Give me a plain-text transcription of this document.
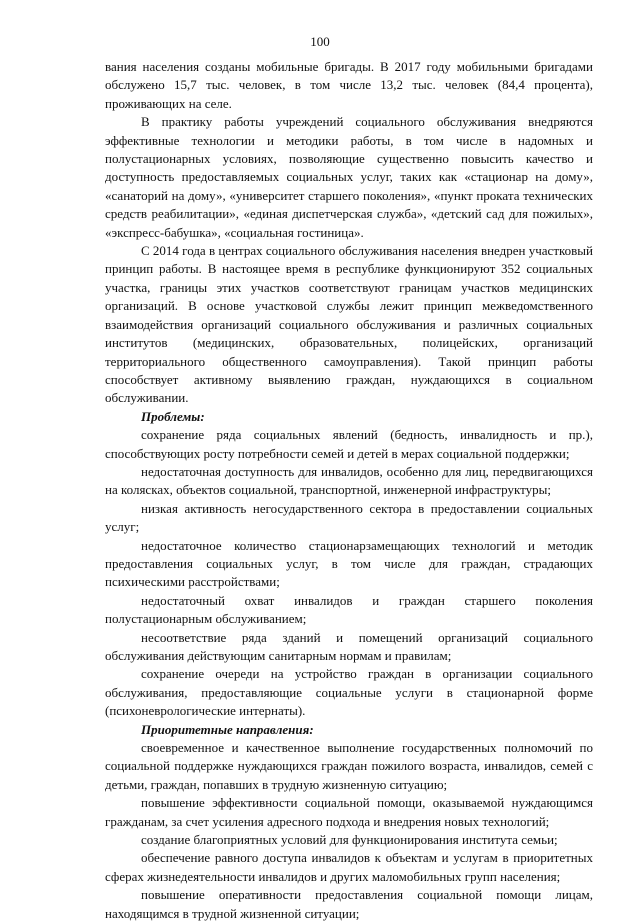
100

вания населения созданы мобильные бригады. В 2017 году мобильными бригадами обслужено 15,7 тыс. человек, в том числе 13,2 тыс. человек (84,4 процента), проживающих на селе.

В практику работы учреждений социального обслуживания внедряются эффективные технологии и методики работы, в том числе в надомных и полустационарных условиях, позволяющие существенно повысить качество и доступность предоставляемых социальных услуг, таких как «стационар на дому», «санаторий на дому», «университет старшего поколения», «пункт проката технических средств реабилитации», «единая диспетчерская служба», «детский сад для пожилых», «экспресс-бабушка», «социальная гостиница».

С 2014 года в центрах социального обслуживания населения внедрен участковый принцип работы. В настоящее время в республике функционируют 352 социальных участка, границы этих участков соответствуют границам участков медицинских организаций. В основе участковой службы лежит принцип межведомственного взаимодействия организаций социального обслуживания и различных социальных институтов (медицинских, образовательных, полицейских, организаций территориального общественного самоуправления). Такой принцип работы способствует активному выявлению граждан, нуждающихся в социальном обслуживании.

Проблемы:

сохранение ряда социальных явлений (бедность, инвалидность и пр.), способствующих росту потребности семей и детей в мерах социальной поддержки;

недостаточная доступность для инвалидов, особенно для лиц, передвигающихся на колясках, объектов социальной, транспортной, инженерной инфраструктуры;

низкая активность негосударственного сектора в предоставлении социальных услуг;

недостаточное количество стационарзамещающих технологий и методик предоставления социальных услуг, в том числе для граждан, страдающих психическими расстройствами;

недостаточный охват инвалидов и граждан старшего поколения полустационарным обслуживанием;

несоответствие ряда зданий и помещений организаций социального обслуживания действующим санитарным нормам и правилам;

сохранение очереди на устройство граждан в организации социального обслуживания, предоставляющие социальные услуги в стационарной форме (психоневрологические интернаты).

Приоритетные направления:

своевременное и качественное выполнение государственных полномочий по социальной поддержке нуждающихся граждан пожилого возраста, инвалидов, семей с детьми, граждан, попавших в трудную жизненную ситуацию;

повышение эффективности социальной помощи, оказываемой нуждающимся гражданам, за счет усиления адресного подхода и внедрения новых технологий;

создание благоприятных условий для функционирования института семьи;

обеспечение равного доступа инвалидов к объектам и услугам в приоритетных сферах жизнедеятельности инвалидов и других маломобильных групп населения;

повышение оперативности предоставления социальной помощи лицам, находящимся в трудной жизненной ситуации;
